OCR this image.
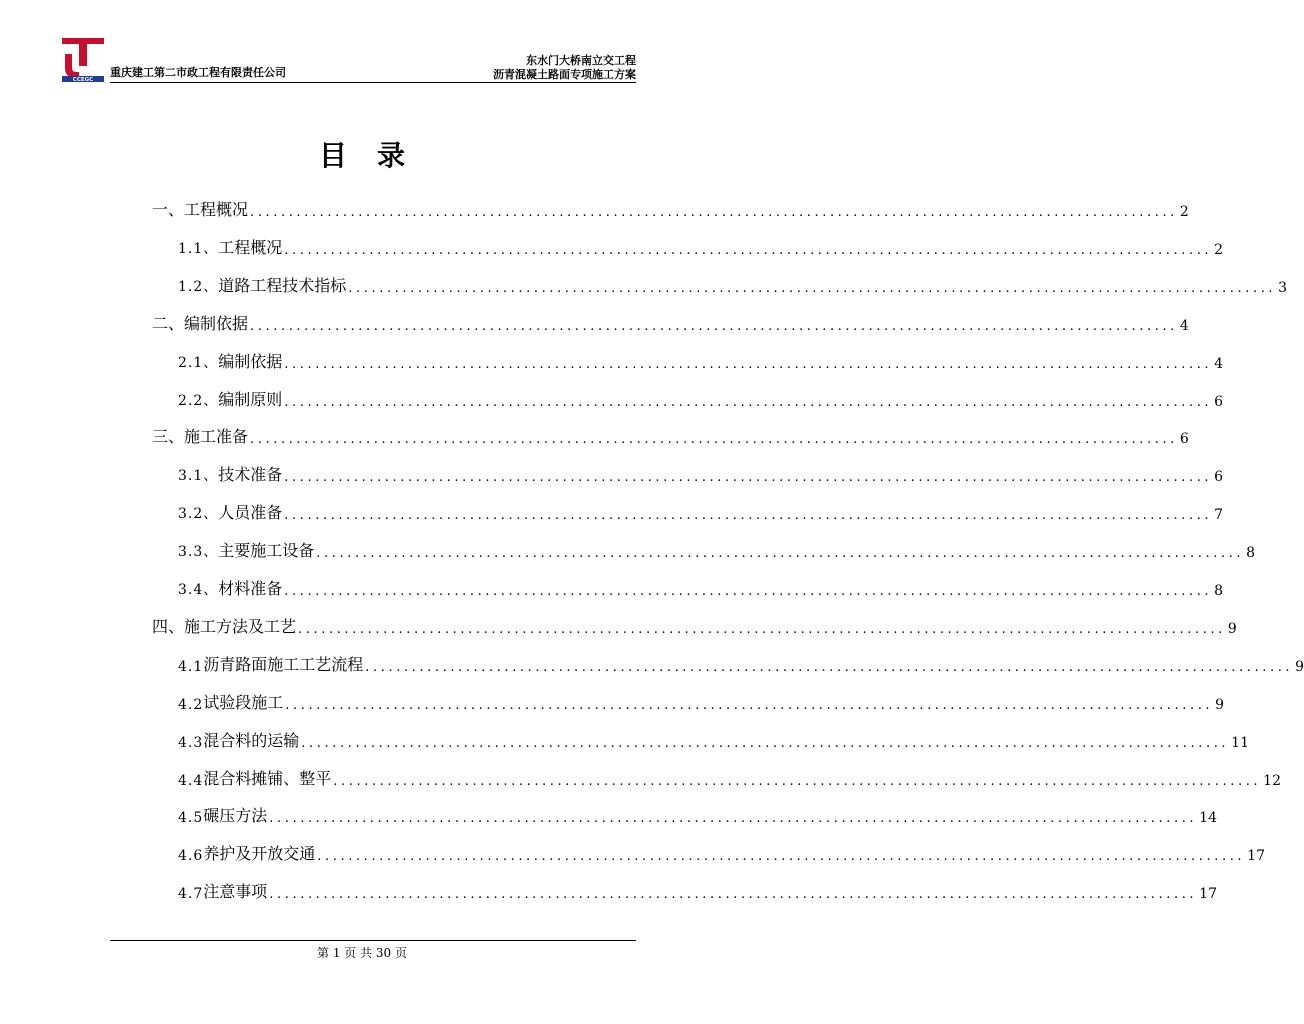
CCEGC
重庆建工第二市政工程有限责任公司
东水门大桥南立交工程
沥青混凝土路面专项施工方案
目录
一、 工程概况 ........................................................................................................................ 2
1.1、 工程概况 ........................................................................................................................ 2
1.2、 道路工程技术指标 ........................................................................................................................ 3
二、 编制依据 ........................................................................................................................ 4
2.1、 编制依据 ........................................................................................................................ 4
2.2、 编制原则 ........................................................................................................................ 6
三、 施工准备 ........................................................................................................................ 6
3.1、 技术准备 ........................................................................................................................ 6
3.2、 人员准备 ........................................................................................................................ 7
3.3、 主要施工设备 ........................................................................................................................ 8
3.4、 材料准备 ........................................................................................................................ 8
四、 施工方法及工艺 ........................................................................................................................ 9
4.1 沥青路面施工工艺流程 ........................................................................................................................ 9
4.2 试验段施工 ........................................................................................................................ 9
4.3 混合料的运输 ........................................................................................................................ 11
4.4 混合料摊铺、整平 ........................................................................................................................ 12
4.5 碾压方法 ........................................................................................................................ 14
4.6 养护及开放交通 ........................................................................................................................ 17
4.7 注意事项 ........................................................................................................................ 17
第 1 页 共 30 页
